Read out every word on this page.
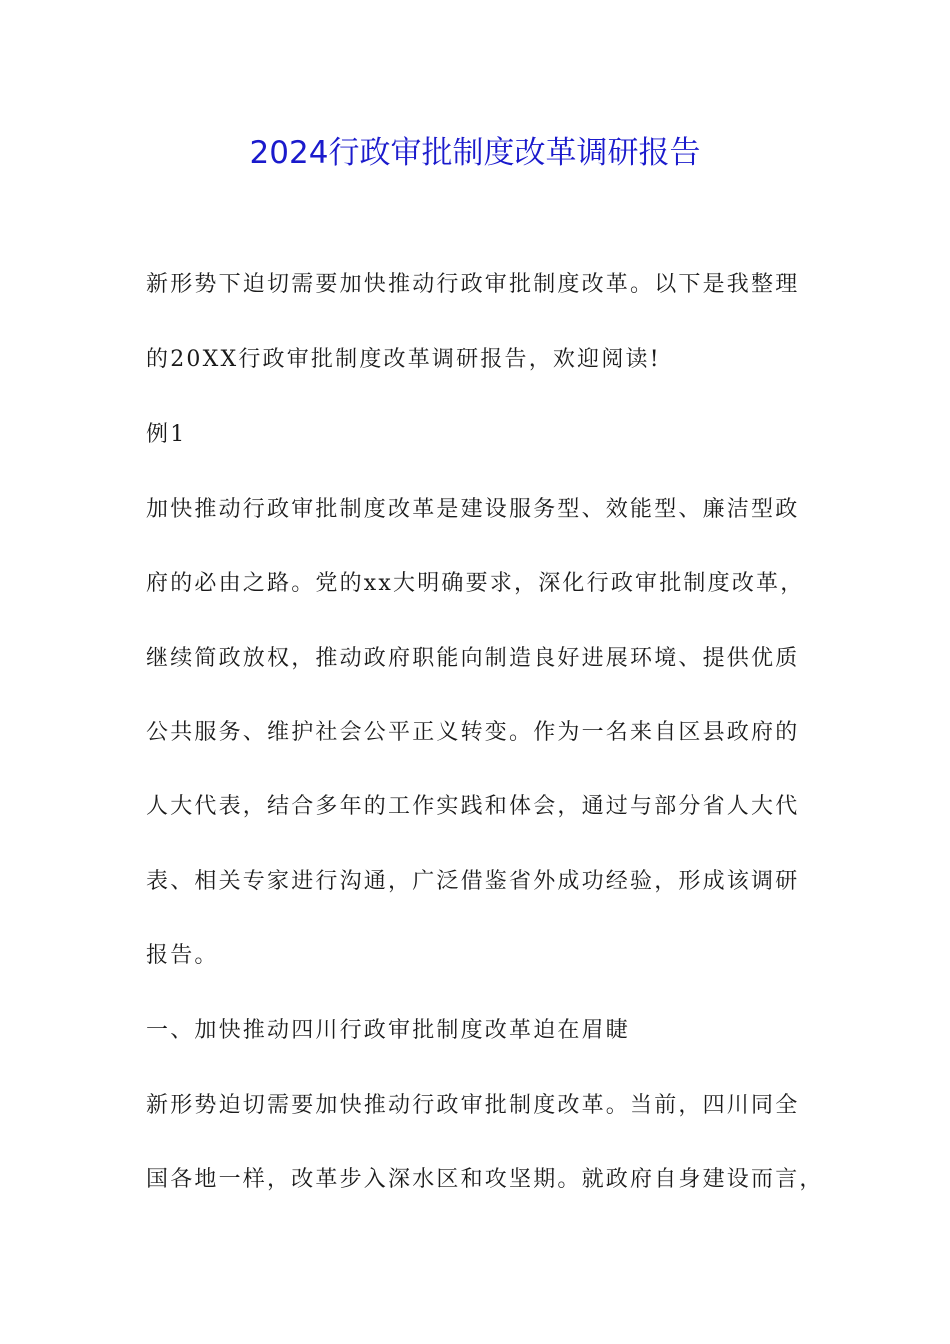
2024行政审批制度改革调研报告
新形势下迫切需要加快推动行政审批制度改革。以下是我整理
的20XX行政审批制度改革调研报告，欢迎阅读!
例1
加快推动行政审批制度改革是建设服务型、效能型、廉洁型政
府的必由之路。党的xx大明确要求，深化行政审批制度改革，
继续简政放权，推动政府职能向制造良好进展环境、提供优质
公共服务、维护社会公平正义转变。作为一名来自区县政府的
人大代表，结合多年的工作实践和体会，通过与部分省人大代
表、相关专家进行沟通，广泛借鉴省外成功经验，形成该调研
报告。
一、加快推动四川行政审批制度改革迫在眉睫
新形势迫切需要加快推动行政审批制度改革。当前，四川同全
国各地一样，改革步入深水区和攻坚期。就政府自身建设而言，
